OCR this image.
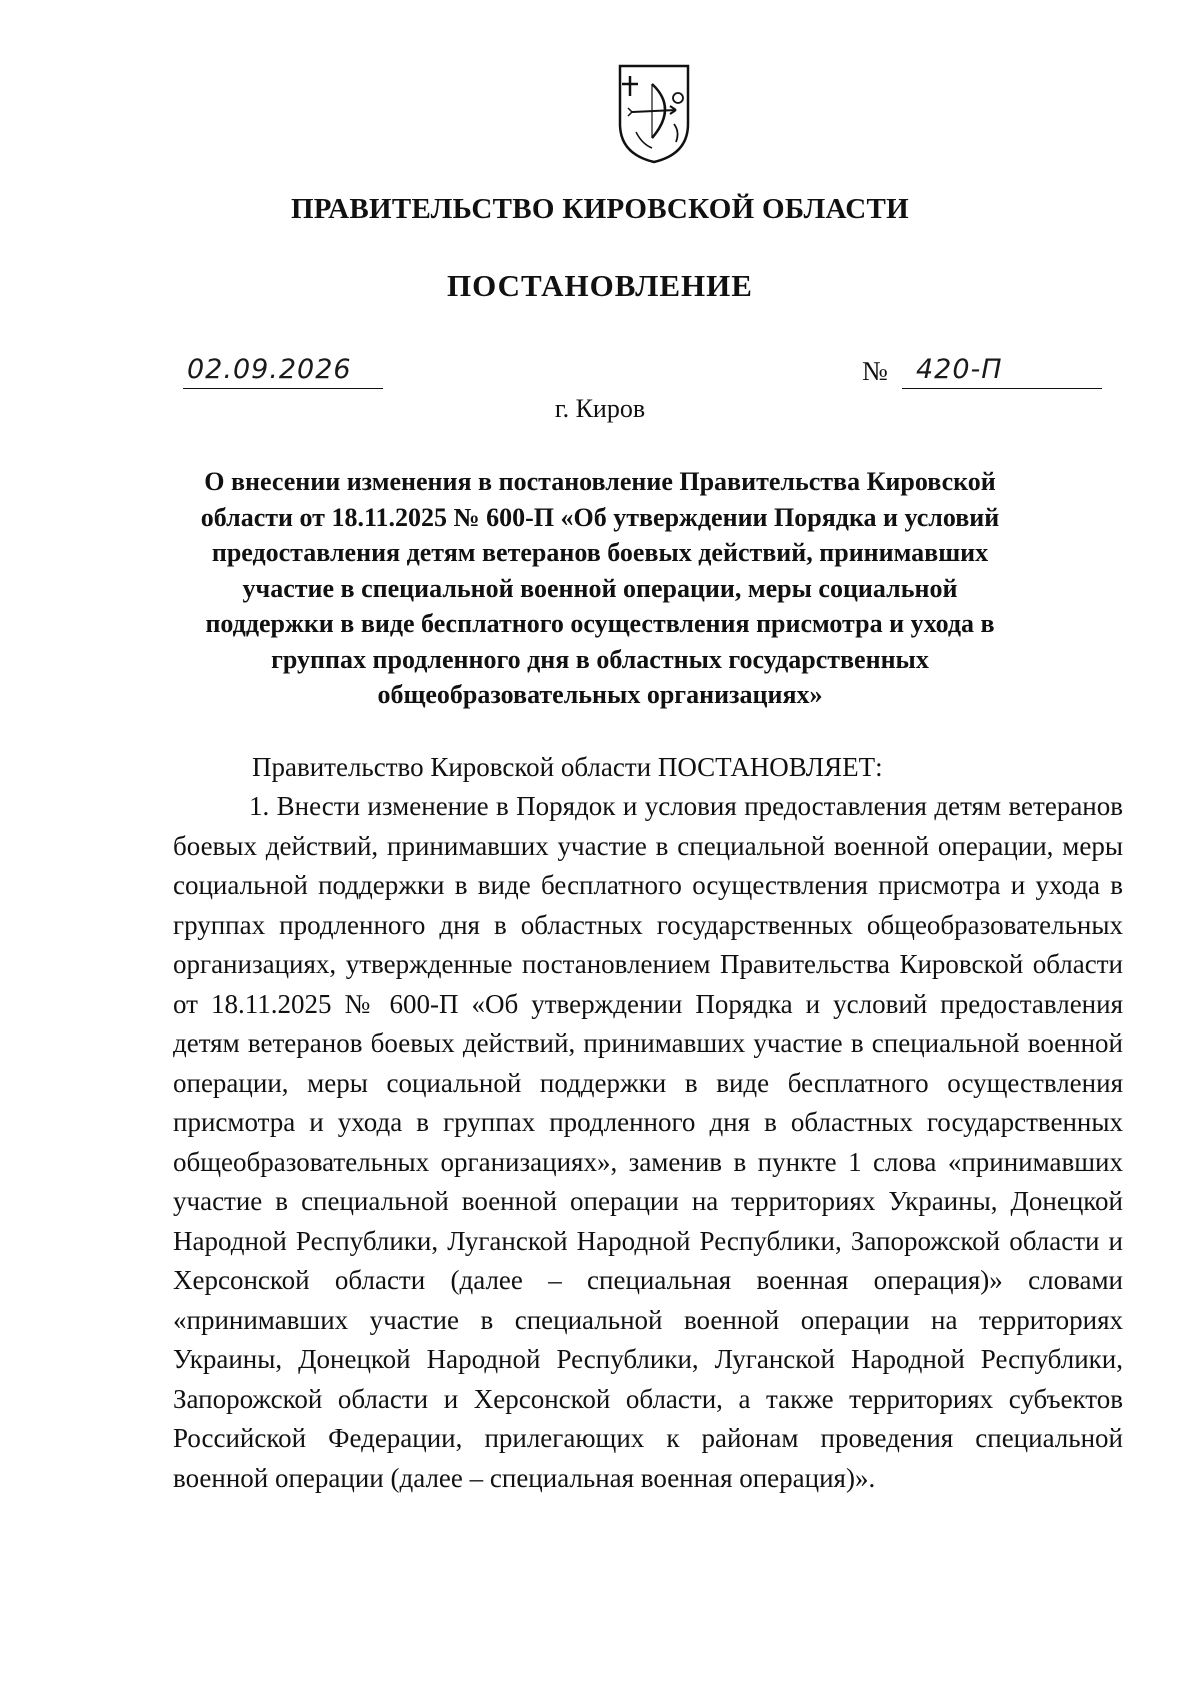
ПРАВИТЕЛЬСТВО КИРОВСКОЙ ОБЛАСТИ
ПОСТАНОВЛЕНИЕ
02.09.2026	№ 420-П
г. Киров
О внесении изменения в постановление Правительства Кировской области от 18.11.2025 № 600-П «Об утверждении Порядка и условий предоставления детям ветеранов боевых действий, принимавших участие в специальной военной операции, меры социальной поддержки в виде бесплатного осуществления присмотра и ухода в группах продленного дня в областных государственных общеобразовательных организациях»
Правительство Кировской области ПОСТАНОВЛЯЕТ:

1. Внести изменение в Порядок и условия предоставления детям ветеранов боевых действий, принимавших участие в специальной военной операции, меры социальной поддержки в виде бесплатного осуществления присмотра и ухода в группах продленного дня в областных государственных общеобразовательных организациях, утвержденные постановлением Правительства Кировской области от 18.11.2025 № 600-П «Об утверждении Порядка и условий предоставления детям ветеранов боевых действий, принимавших участие в специальной военной операции, меры социальной поддержки в виде бесплатного осуществления присмотра и ухода в группах продленного дня в областных государственных общеобразовательных организациях», заменив в пункте 1 слова «принимавших участие в специальной военной операции на территориях Украины, Донецкой Народной Республики, Луганской Народной Республики, Запорожской области и Херсонской области (далее – специальная военная операция)» словами «принимавших участие в специальной военной операции на территориях Украины, Донецкой Народной Республики, Луганской Народной Республики, Запорожской области и Херсонской области, а также территориях субъектов Российской Федерации, прилегающих к районам проведения специальной военной операции (далее – специальная военная операция)».
